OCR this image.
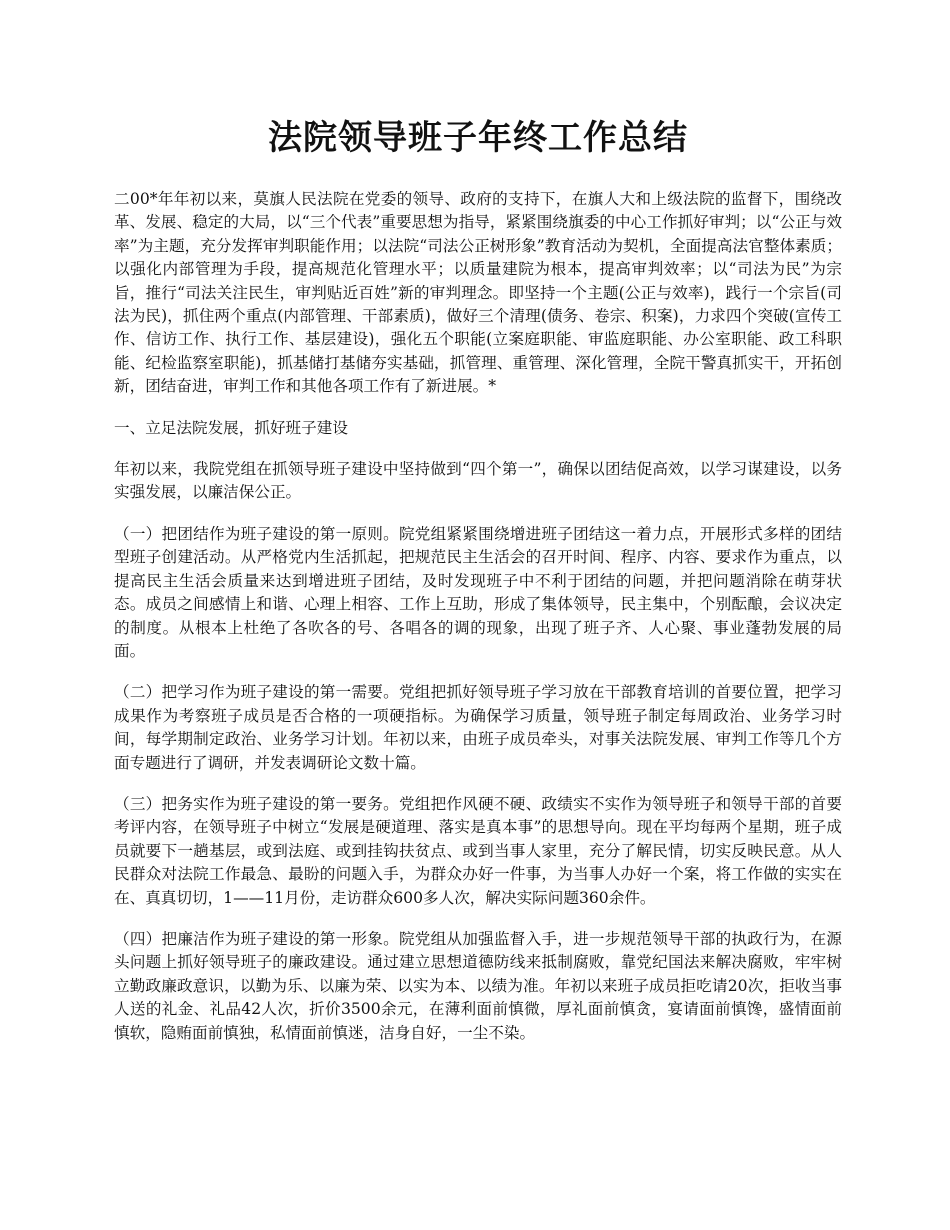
法院领导班子年终工作总结

二00*年年初以来，莫旗人民法院在党委的领导、政府的支持下，在旗人大和上级法院的监督下，围绕改革、发展、稳定的大局，以“三个代表”重要思想为指导，紧紧围绕旗委的中心工作抓好审判；以“公正与效率”为主题，充分发挥审判职能作用；以法院“司法公正树形象”教育活动为契机，全面提高法官整体素质；以强化内部管理为手段，提高规范化管理水平；以质量建院为根本，提高审判效率；以“司法为民”为宗旨，推行“司法关注民生，审判贴近百姓”新的审判理念。即坚持一个主题(公正与效率)，践行一个宗旨(司法为民)，抓住两个重点(内部管理、干部素质)，做好三个清理(债务、卷宗、积案)，力求四个突破(宣传工作、信访工作、执行工作、基层建设)，强化五个职能(立案庭职能、审监庭职能、办公室职能、政工科职能、纪检监察室职能)，抓基储打基储夯实基础，抓管理、重管理、深化管理，全院干警真抓实干，开拓创新，团结奋进，审判工作和其他各项工作有了新进展。*

一、立足法院发展，抓好班子建设

年初以来，我院党组在抓领导班子建设中坚持做到“四个第一”，确保以团结促高效，以学习谋建设，以务实强发展，以廉洁保公正。

（一）把团结作为班子建设的第一原则。院党组紧紧围绕增进班子团结这一着力点，开展形式多样的团结型班子创建活动。从严格党内生活抓起，把规范民主生活会的召开时间、程序、内容、要求作为重点，以提高民主生活会质量来达到增进班子团结，及时发现班子中不利于团结的问题，并把问题消除在萌芽状态。成员之间感情上和谐、心理上相容、工作上互助，形成了集体领导，民主集中，个别酝酿，会议决定的制度。从根本上杜绝了各吹各的号、各唱各的调的现象，出现了班子齐、人心聚、事业蓬勃发展的局面。

（二）把学习作为班子建设的第一需要。党组把抓好领导班子学习放在干部教育培训的首要位置，把学习成果作为考察班子成员是否合格的一项硬指标。为确保学习质量，领导班子制定每周政治、业务学习时间，每学期制定政治、业务学习计划。年初以来，由班子成员牵头，对事关法院发展、审判工作等几个方面专题进行了调研，并发表调研论文数十篇。

（三）把务实作为班子建设的第一要务。党组把作风硬不硬、政绩实不实作为领导班子和领导干部的首要考评内容，在领导班子中树立“发展是硬道理、落实是真本事”的思想导向。现在平均每两个星期，班子成员就要下一趟基层，或到法庭、或到挂钩扶贫点、或到当事人家里，充分了解民情，切实反映民意。从人民群众对法院工作最急、最盼的问题入手，为群众办好一件事，为当事人办好一个案，将工作做的实实在在、真真切切，1——11月份，走访群众600多人次，解决实际问题360余件。

（四）把廉洁作为班子建设的第一形象。院党组从加强监督入手，进一步规范领导干部的执政行为，在源头问题上抓好领导班子的廉政建设。通过建立思想道德防线来抵制腐败，靠党纪国法来解决腐败，牢牢树立勤政廉政意识，以勤为乐、以廉为荣、以实为本、以绩为准。年初以来班子成员拒吃请20次，拒收当事人送的礼金、礼品42人次，折价3500余元，在薄利面前慎微，厚礼面前慎贪，宴请面前慎馋，盛情面前慎软，隐贿面前慎独，私情面前慎迷，洁身自好，一尘不染。
